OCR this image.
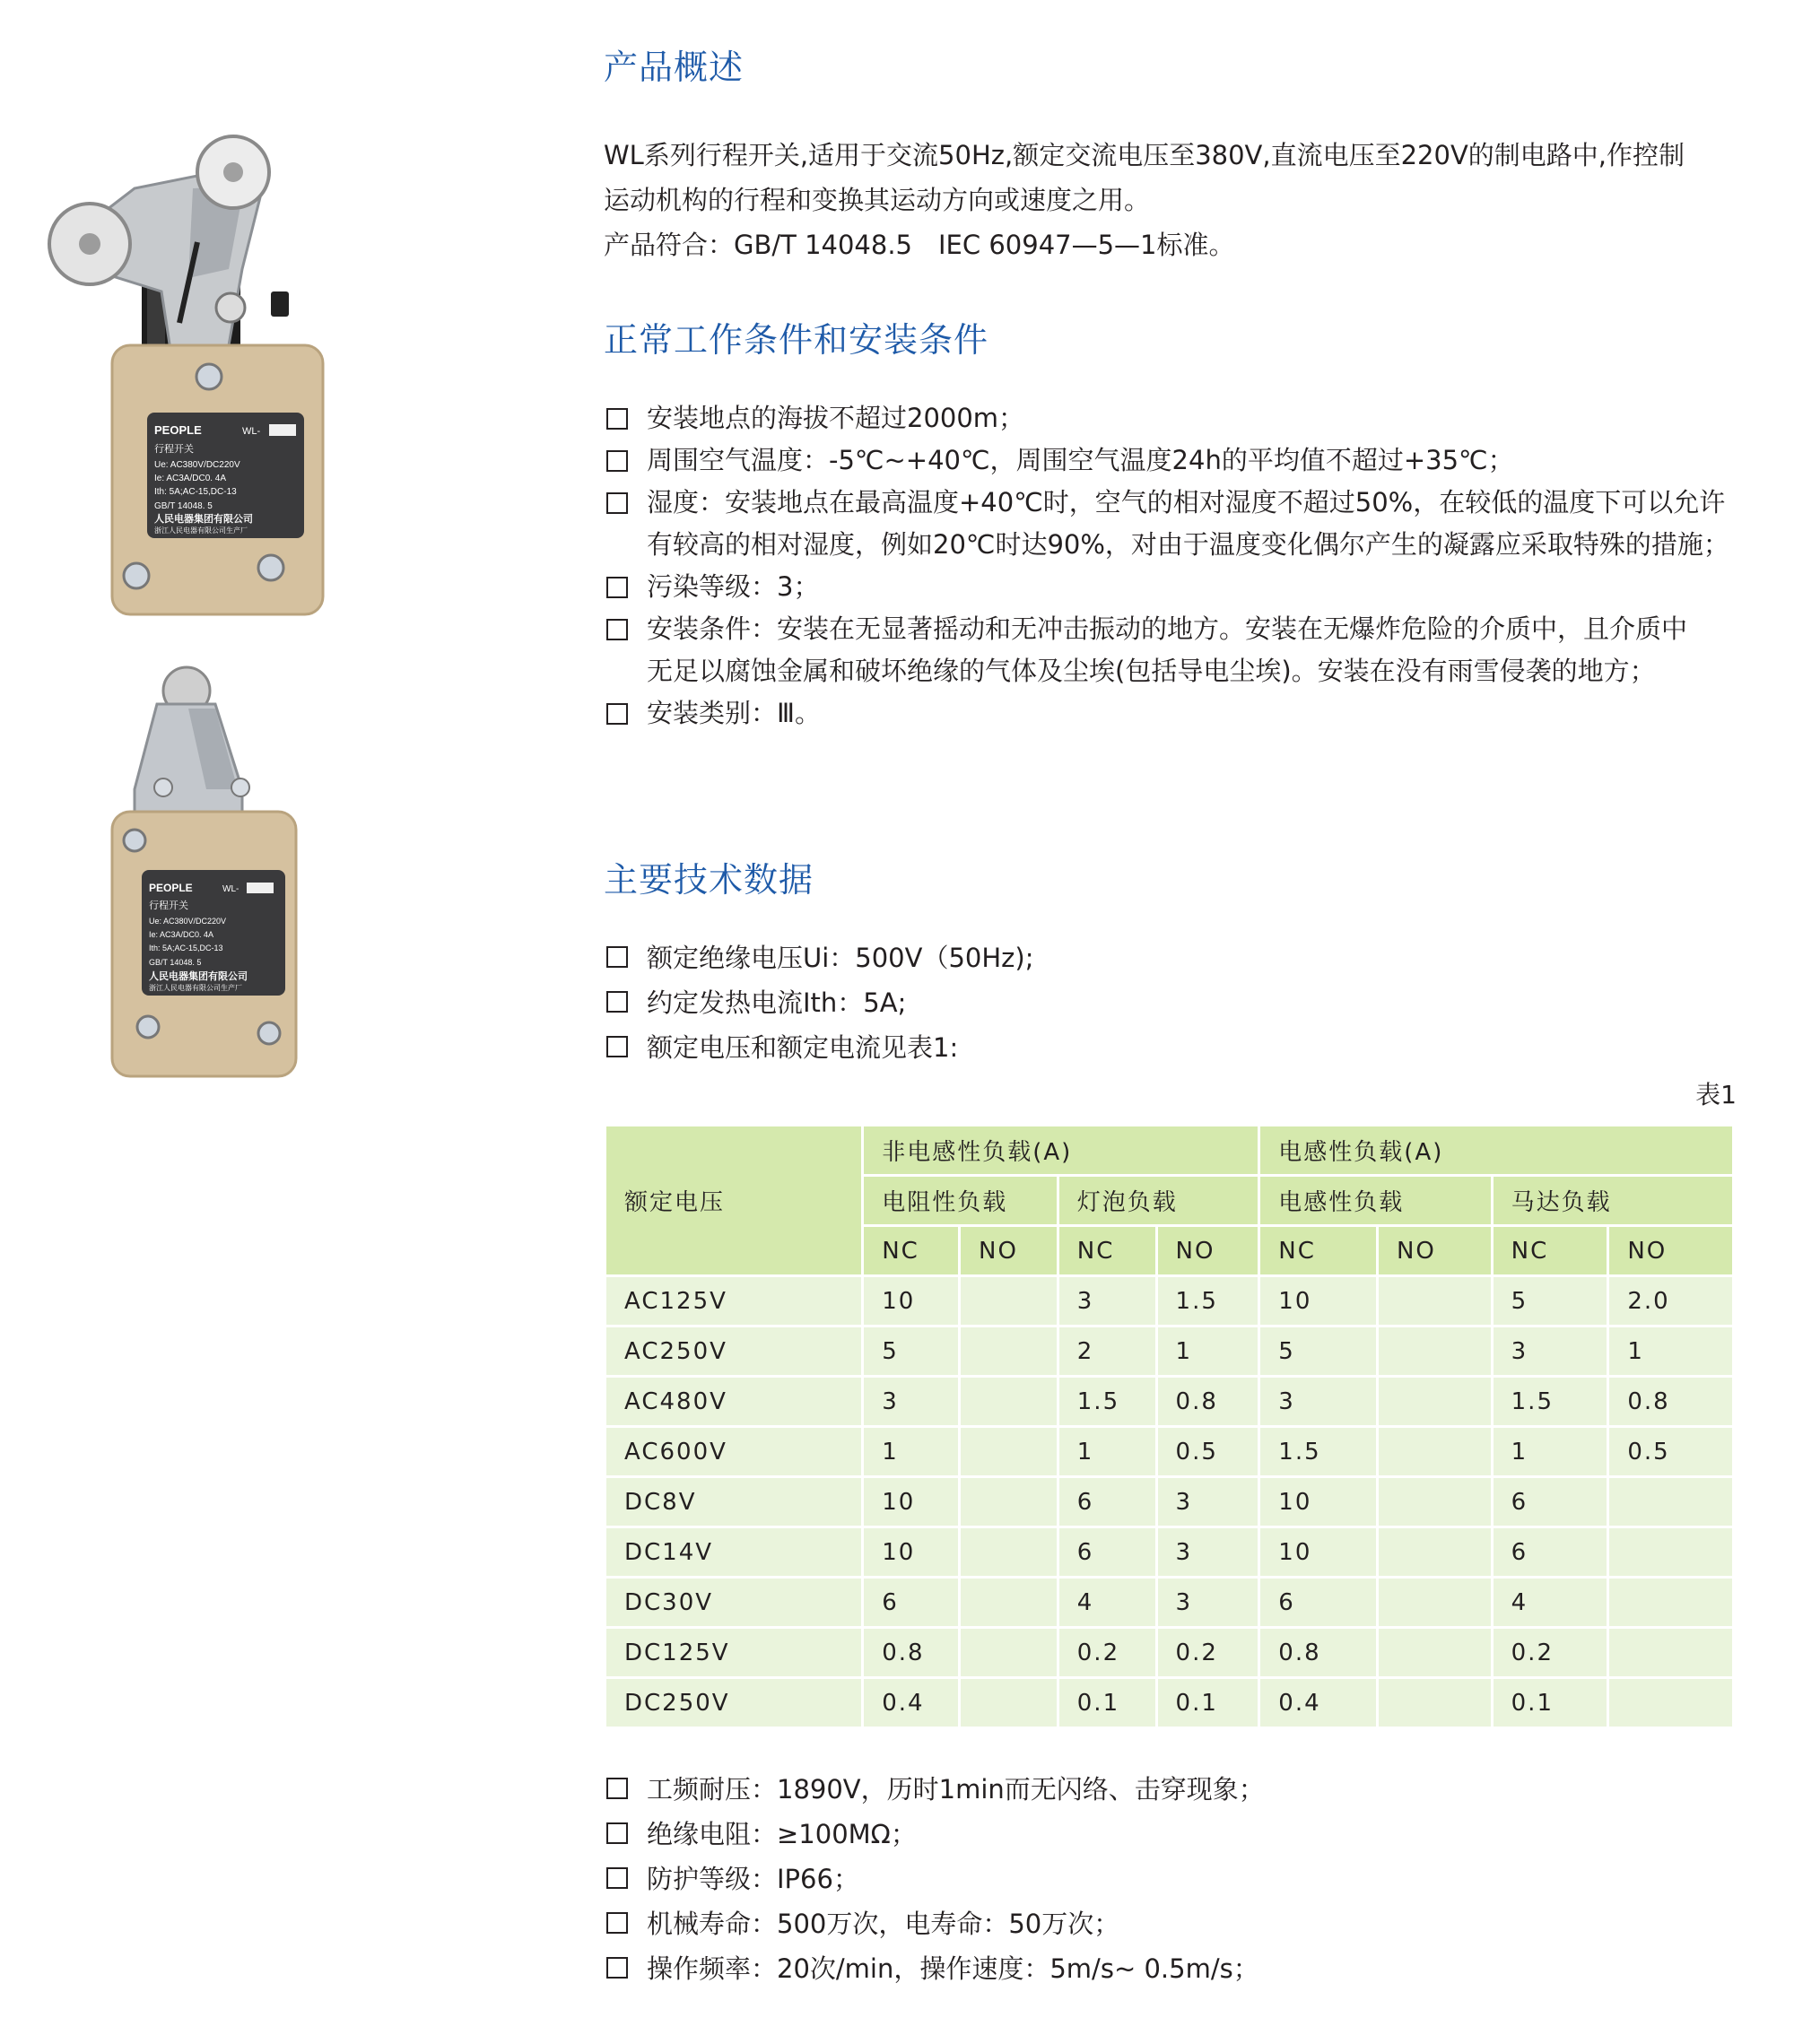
PEOPLE	WL-
行程开关
Ue: AC380V/DC220V
Ie: AC3A/DC0. 4A
Ith: 5A;AC-15,DC-13
GB/T 14048. 5
人民电器集团有限公司
浙江人民电器有限公司生产厂
PEOPLE	WL-
行程开关
Ue: AC380V/DC220V
Ie: AC3A/DC0. 4A
Ith: 5A;AC-15,DC-13
GB/T 14048. 5
人民电器集团有限公司
浙江人民电器有限公司生产厂
产品概述
WL系列行程开关,适用于交流50Hz,额定交流电压至380V,直流电压至220V的制电路中,作控制
运动机构的行程和变换其运动方向或速度之用。
产品符合：GB/T 14048.5　IEC 60947—5—1标准。
正常工作条件和安装条件
安装地点的海拔不超过2000m；
周围空气温度：-5℃~+40℃，周围空气温度24h的平均值不超过+35℃；
湿度：安装地点在最高温度+40℃时，空气的相对湿度不超过50%，在较低的温度下可以允许
有较高的相对湿度，例如20℃时达90%，对由于温度变化偶尔产生的凝露应采取特殊的措施；
污染等级：3；
安装条件：安装在无显著摇动和无冲击振动的地方。安装在无爆炸危险的介质中，且介质中
无足以腐蚀金属和破坏绝缘的气体及尘埃(包括导电尘埃)。安装在没有雨雪侵袭的地方；
安装类别：Ⅲ。
主要技术数据
额定绝缘电压Ui：500V（50Hz);
约定发热电流Ith：5A;
额定电压和额定电流见表1:
表1
额定电压	非电感性负载(A)				电感性负载(A)			
	电阻性负载		灯泡负载		电感性负载		马达负载	
	NC	NO	NC	NO	NC	NO	NC	NO
AC125V	10		3	1.5	10		5	2.0
AC250V	5		2	1	5		3	1
AC480V	3		1.5	0.8	3		1.5	0.8
AC600V	1		1	0.5	1.5		1	0.5
DC8V	10		6	3	10		6	
DC14V	10		6	3	10		6	
DC30V	6		4	3	6		4	
DC125V	0.8		0.2	0.2	0.8		0.2	
DC250V	0.4		0.1	0.1	0.4		0.1	
工频耐压：1890V，历时1min而无闪络、击穿现象；
绝缘电阻：≥100MΩ；
防护等级：IP66；
机械寿命：500万次，电寿命：50万次；
操作频率：20次/min，操作速度：5m/s~ 0.5m/s；
